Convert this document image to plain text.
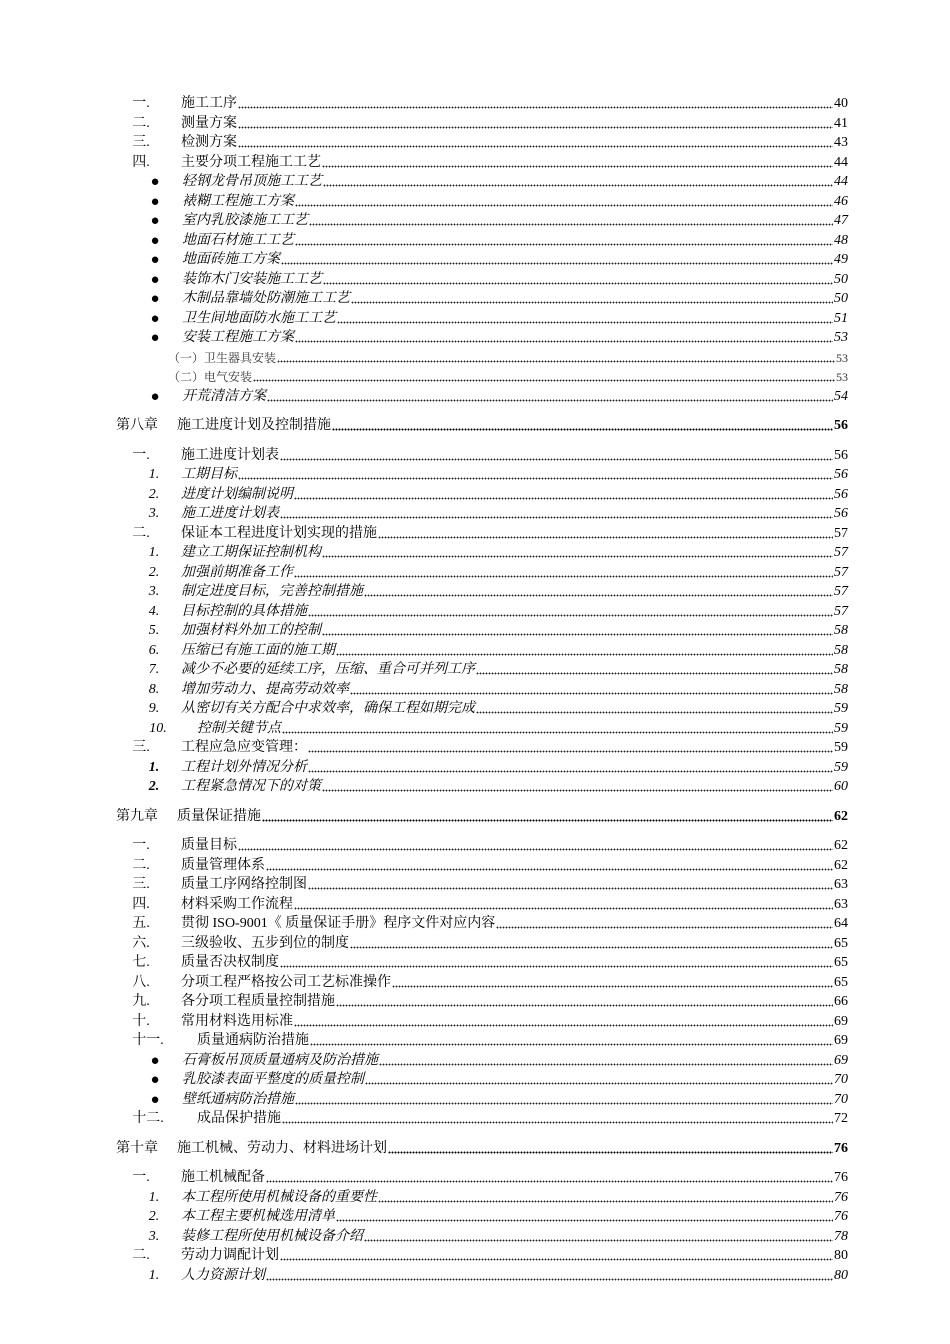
一. 施工工序	40
二. 测量方案	41
三. 检测方案	43
四. 主要分项工程施工工艺	44
● 轻钢龙骨吊顶施工工艺	44
● 裱糊工程施工方案	46
● 室内乳胶漆施工工艺	47
● 地面石材施工工艺	48
● 地面砖施工方案	49
● 装饰木门安装施工工艺	50
● 木制品靠墙处防潮施工工艺	50
● 卫生间地面防水施工工艺	51
● 安装工程施工方案	53
（一）卫生器具安装	53
（二）电气安装	53
● 开荒清洁方案	54
第八章 施工进度计划及控制措施	56
一. 施工进度计划表	56
1. 工期目标	56
2. 进度计划编制说明	56
3. 施工进度计划表	56
二. 保证本工程进度计划实现的措施	57
1. 建立工期保证控制机构	57
2. 加强前期准备工作	57
3. 制定进度目标，完善控制措施	57
4. 目标控制的具体措施	57
5. 加强材料外加工的控制	58
6. 压缩已有施工面的施工期	58
7. 减少不必要的延续工序，压缩、重合可并列工序	58
8. 增加劳动力、提高劳动效率	58
9. 从密切有关方配合中求效率，确保工程如期完成	59
10. 控制关键节点	59
三. 工程应急应变管理：	59
1. 工程计划外情况分析	59
2. 工程紧急情况下的对策	60
第九章 质量保证措施	62
一. 质量目标	62
二. 质量管理体系	62
三. 质量工序网络控制图	63
四. 材料采购工作流程	63
五. 贯彻 ISO-9001《 质量保证手册》程序文件对应内容	64
六. 三级验收、五步到位的制度	65
七. 质量否决权制度	65
八. 分项工程严格按公司工艺标准操作	65
九. 各分项工程质量控制措施	66
十. 常用材料选用标准	69
十一.	质量通病防治措施	69
● 石膏板吊顶质量通病及防治措施	69
● 乳胶漆表面平整度的质量控制	70
● 壁纸通病防治措施	70
十二.	成品保护措施	72
第十章 施工机械、劳动力、材料进场计划	76
一. 施工机械配备	76
1. 本工程所使用机械设备的重要性	76
2. 本工程主要机械选用清单	76
3. 装修工程所使用机械设备介绍	78
二. 劳动力调配计划	80
1. 人力资源计划	80
